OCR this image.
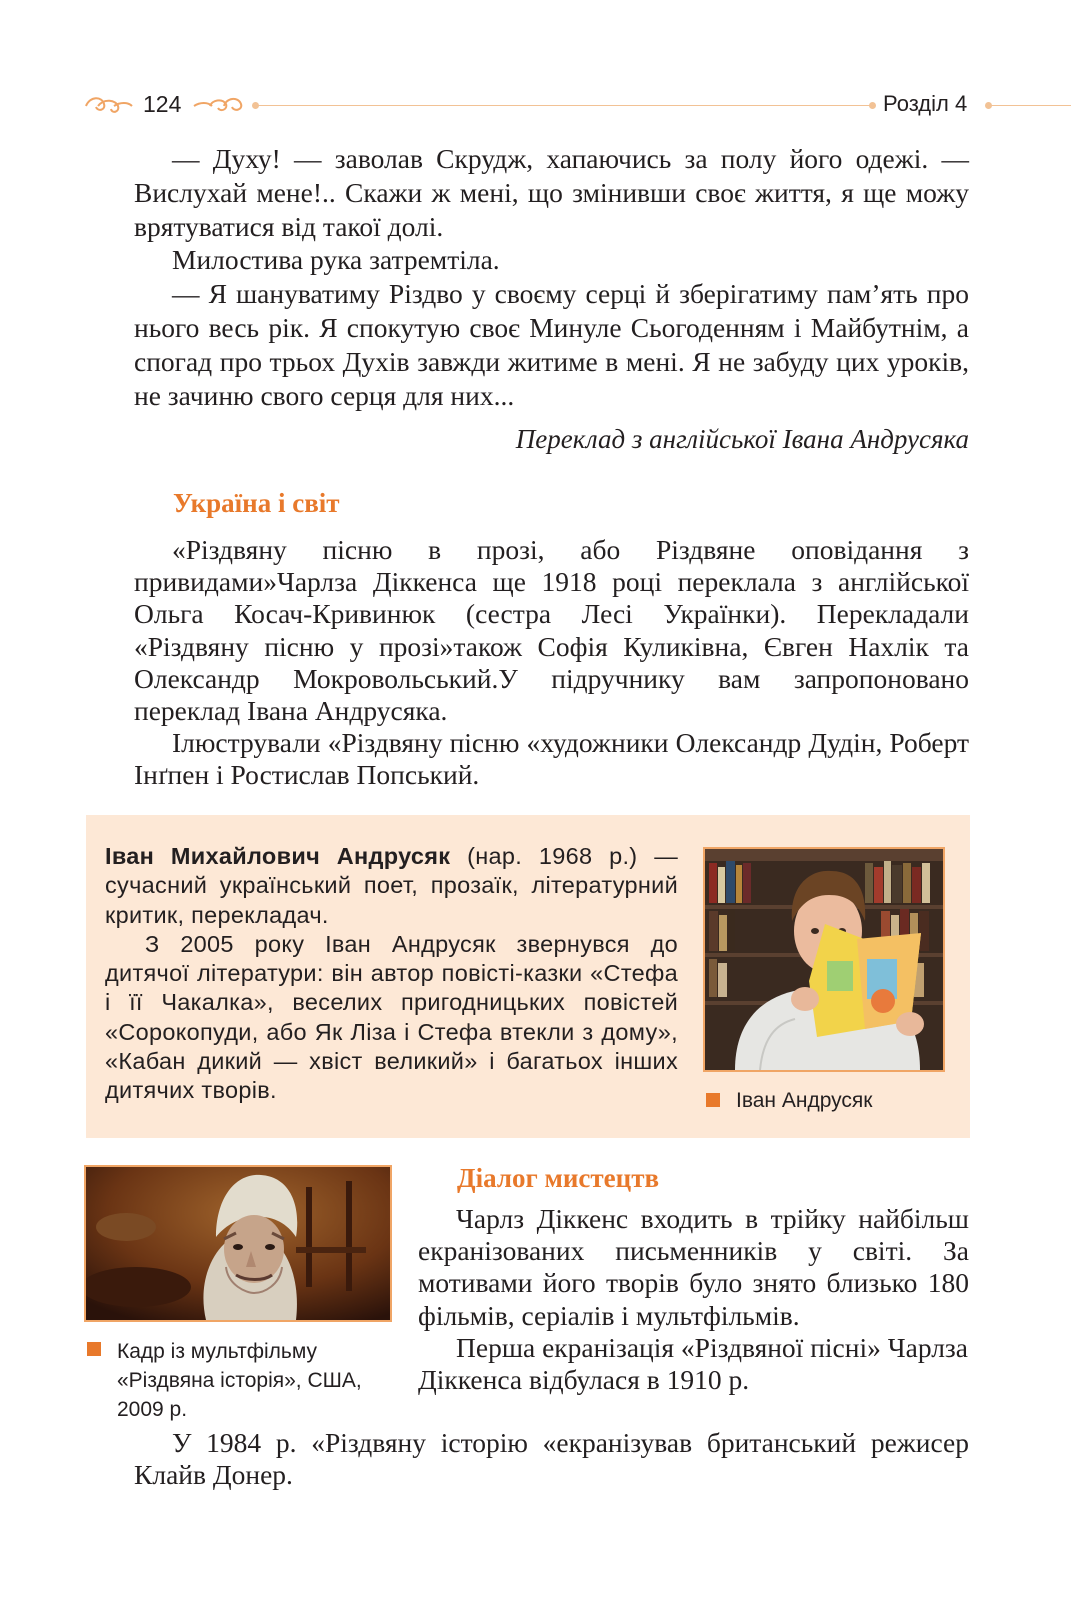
124	Розділ 4

— Духу! — заволав Скрудж, хапаючись за полу його одежі. — Вислухай мене!.. Скажи ж мені, що змінивши своє життя, я ще можу врятуватися від такої долі.

Милостива рука затремтіла.

— Я шануватиму Різдво у своєму серці й зберігатиму пам’ять про нього весь рік. Я спокутую своє Минуле Сьогоденням і Майбутнім, а спогад про трьох Духів завжди житиме в мені. Я не забуду цих уроків, не зачиню свого серця для них...

Переклад з англійської Івана Андрусяка
Україна і світ

«Різдвяну пісню в прозі, або Різдвяне оповідання з привидами»Чарлза Діккенса ще 1918 році переклала з англійської Ольга Косач-Кривинюк (сестра Лесі Українки). Перекладали «Різдвяну пісню у прозі»також Софія Куликівна, Євген Нахлік та Олександр Мокровольський.У підручнику вам запропоновано переклад Івана Андрусяка.

Ілюстрували «Різдвяну пісню «художники Олександр Дудін, Роберт Інґпен і Ростислав Попський.

Іван Михайлович Андрусяк (нар. 1968 р.) — сучасний український поет, прозаїк, літературний критик, перекладач.

З 2005 року Іван Андрусяк звернувся до дитячої літератури: він автор повісті-казки «Стефа і її Чакалка», веселих пригодницьких повістей «Сорокопуди, або Як Ліза і Стефа втекли з дому», «Кабан дикий — хвіст великий» і багатьох інших дитячих творів.	Іван Андрусяк
Кадр із мультфільму «Різдвяна історія», США, 2009 р.
Діалог мистецтв

Чарлз Діккенс входить в трійку найбільш екранізованих письменників у світі. За мотивами його творів було знято близько 180 фільмів, серіалів і мультфільмів.

Перша екранізація «Різдвяної пісні» Чарлза Діккенса відбулася в 1910 р.

У 1984 р. «Різдвяну історію «екранізував британський режисер Клайв Донер.
